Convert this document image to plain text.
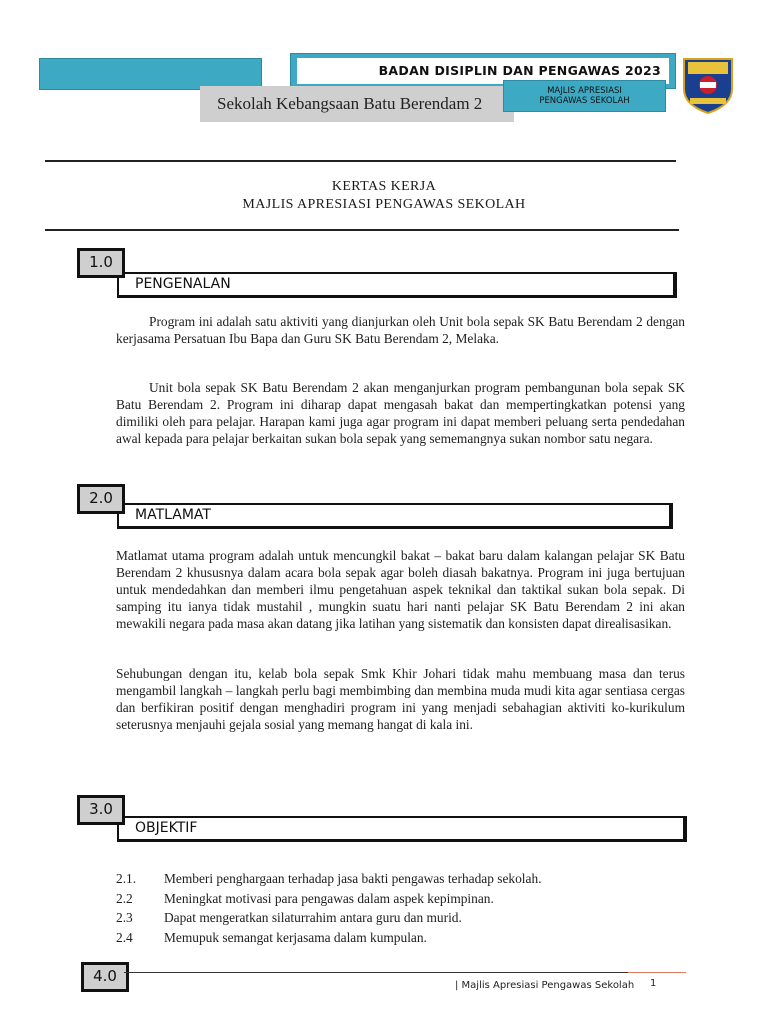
BADAN DISIPLIN DAN PENGAWAS 2023
Sekolah Kebangsaan Batu Berendam 2
MAJLIS APRESIASI
PENGAWAS SEKOLAH
KERTAS KERJA
MAJLIS APRESIASI PENGAWAS SEKOLAH
PENGENALAN
1.0

Program ini adalah satu aktiviti yang dianjurkan oleh Unit bola sepak SK Batu Berendam 2 dengan kerjasama Persatuan Ibu Bapa dan Guru SK Batu Berendam 2, Melaka.

Unit bola sepak SK Batu Berendam 2 akan menganjurkan program pembangunan bola sepak SK Batu Berendam 2. Program ini diharap dapat mengasah bakat dan mempertingkatkan potensi yang dimiliki oleh para pelajar. Harapan kami juga agar program ini dapat memberi peluang serta pendedahan awal kepada para pelajar berkaitan sukan bola sepak yang sememangnya sukan nombor satu negara.

MATLAMAT
2.0

Matlamat utama program adalah untuk mencungkil bakat – bakat baru dalam kalangan pelajar SK Batu Berendam 2 khususnya dalam acara bola sepak agar boleh diasah bakatnya. Program ini juga bertujuan untuk mendedahkan dan memberi ilmu pengetahuan aspek teknikal dan taktikal sukan bola sepak. Di samping itu ianya tidak mustahil , mungkin suatu hari nanti pelajar SK Batu Berendam 2 ini akan mewakili negara pada masa akan datang jika latihan yang sistematik dan konsisten dapat direalisasikan.

Sehubungan dengan itu, kelab bola sepak Smk Khir Johari tidak mahu membuang masa dan terus mengambil langkah – langkah perlu bagi membimbing dan membina muda mudi kita agar sentiasa cergas dan berfikiran positif dengan menghadiri program ini yang menjadi sebahagian aktiviti ko-kurikulum seterusnya menjauhi gejala sosial yang memang hangat di kala ini.

OBJEKTIF
3.0
2.1. Memberi penghargaan terhadap jasa bakti pengawas terhadap sekolah.
2.2 Meningkat motivasi para pengawas dalam aspek kepimpinan.
2.3 Dapat mengeratkan silaturrahim antara guru dan murid.
2.4 Memupuk semangat kerjasama dalam kumpulan.
4.0
| Majlis Apresiasi Pengawas Sekolah 1
